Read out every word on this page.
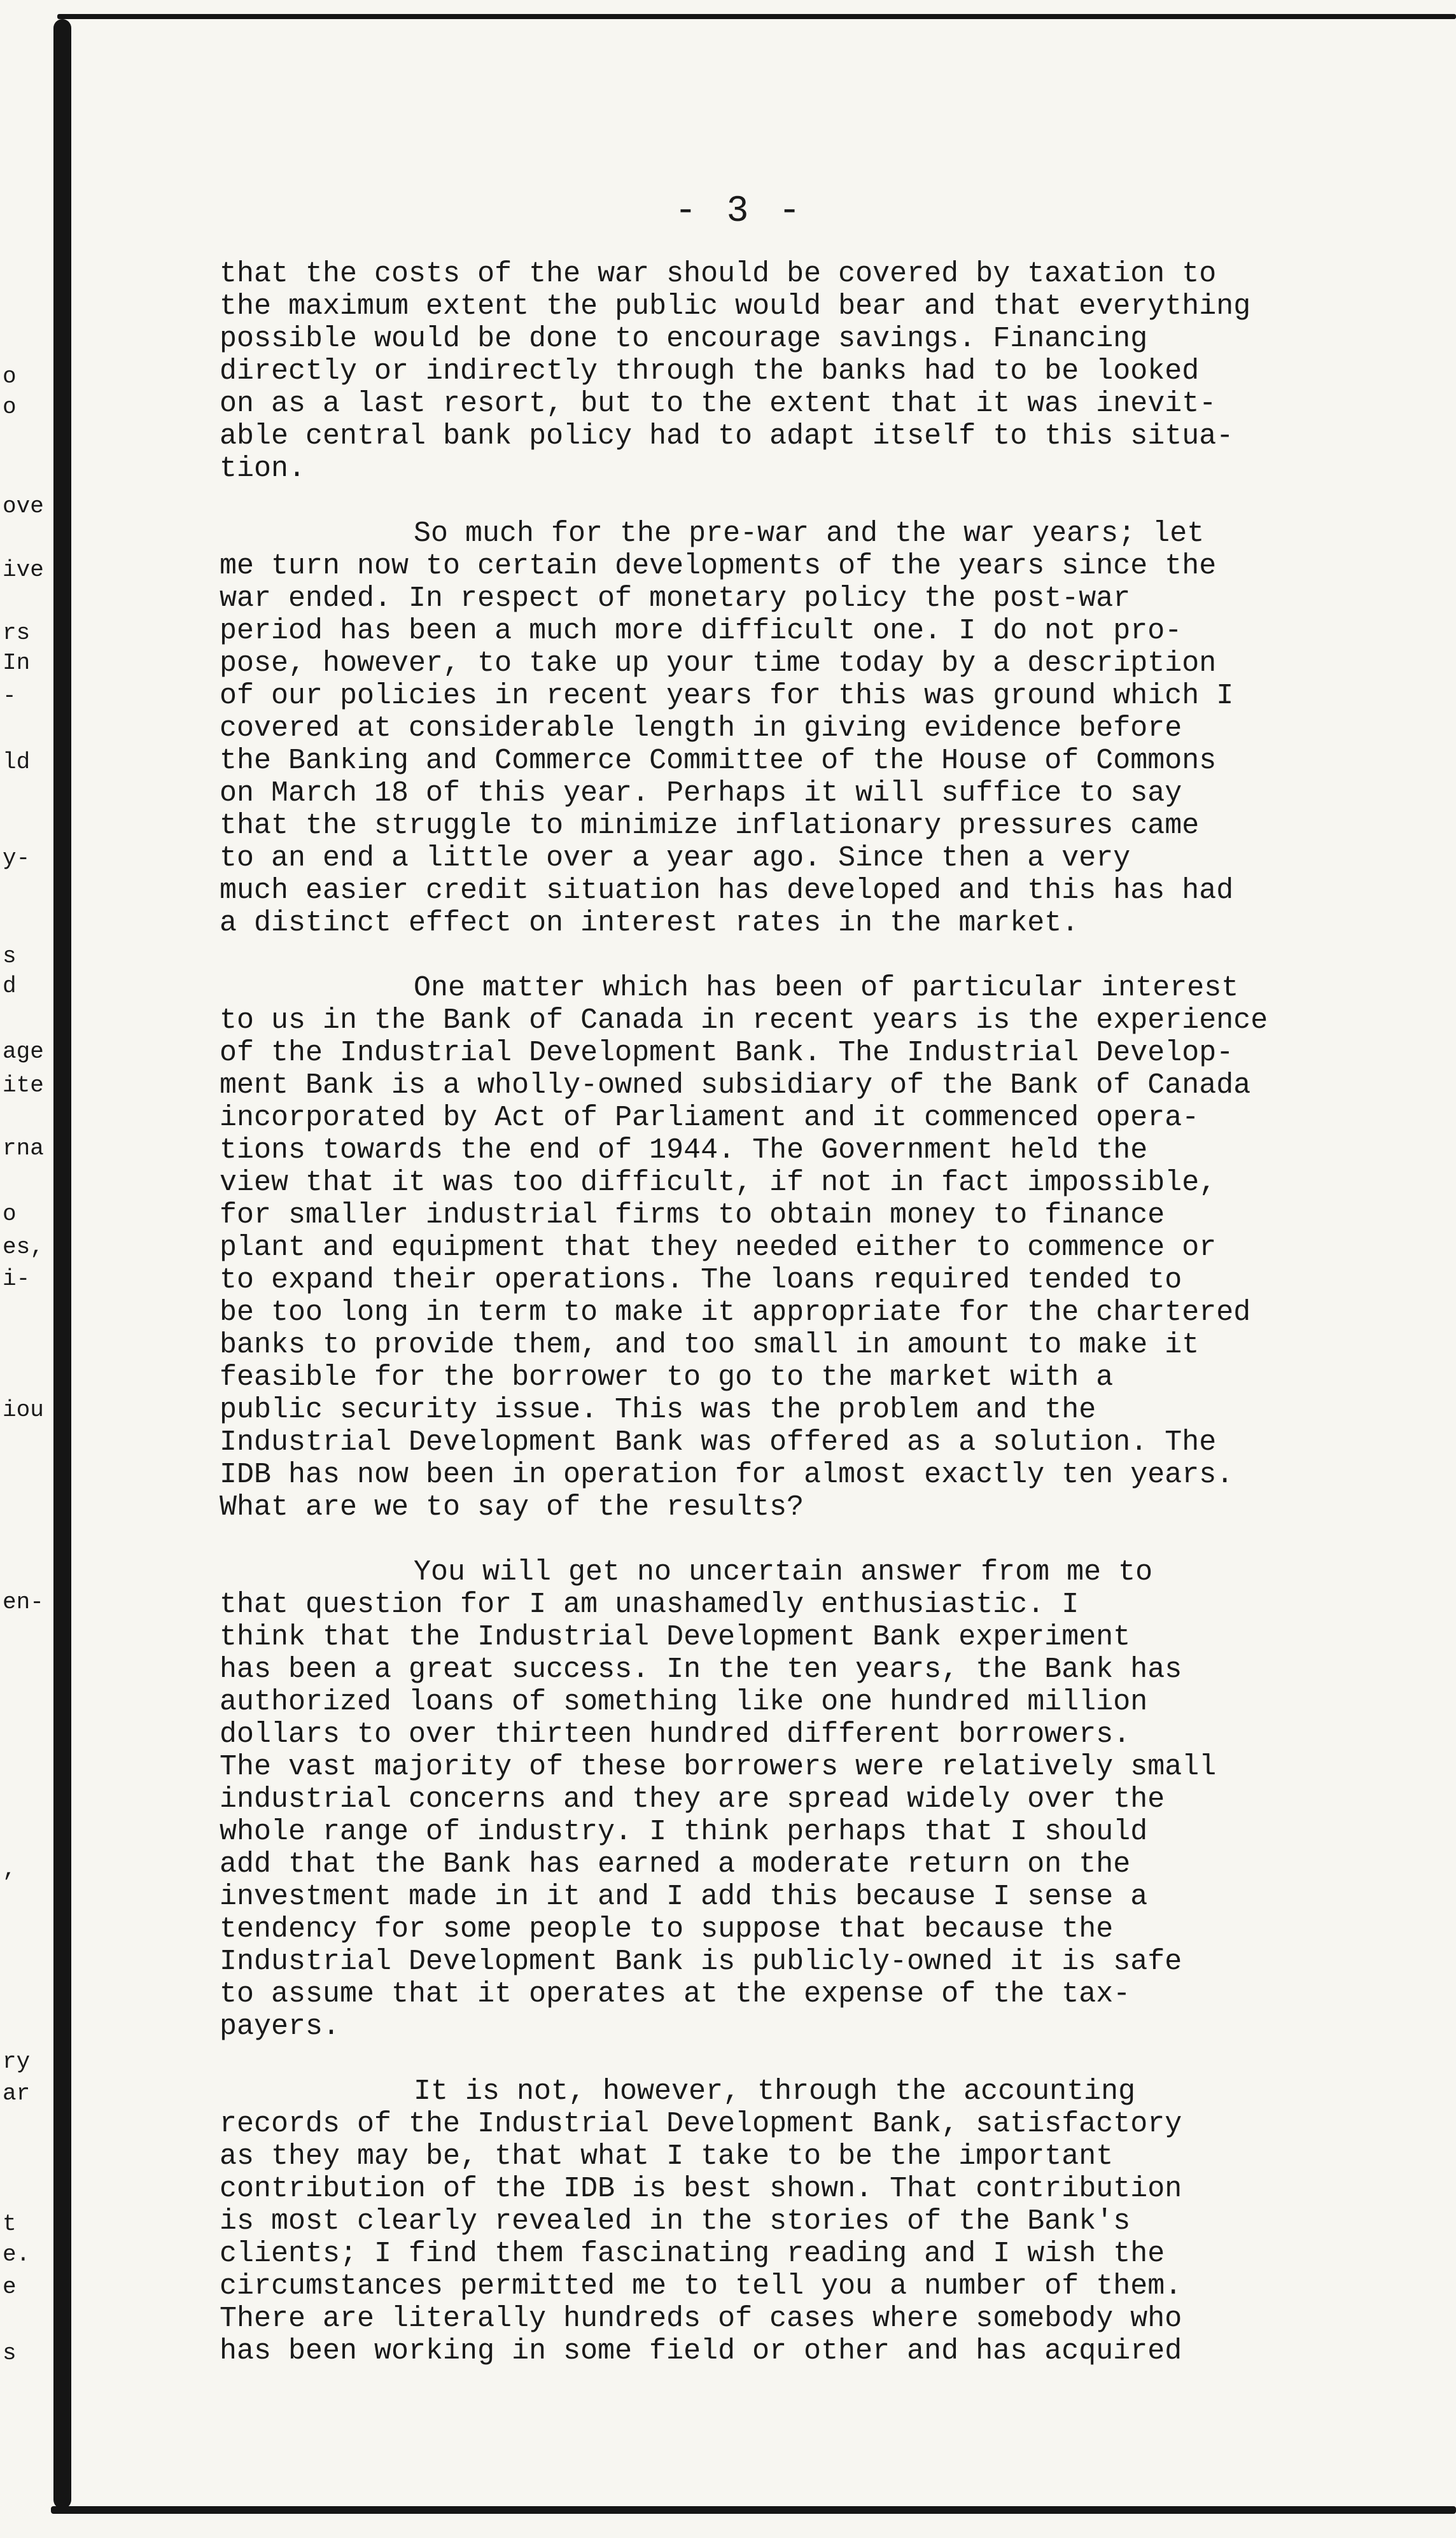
o
o
ove
ive
rs
In
-
ld
y-
s
d
age
ite
rna
o
es,
i-
iou
en-
,
ry
ar
t
e.
e
s
- 3 -
that the costs of the war should be covered by taxation to
the maximum extent the public would bear and that everything
possible would be done to encourage savings. Financing
directly or indirectly through the banks had to be looked
on as a last resort, but to the extent that it was inevit-
able central bank policy had to adapt itself to this situa-
tion.
So much for the pre-war and the war years; let
me turn now to certain developments of the years since the
war ended. In respect of monetary policy the post-war
period has been a much more difficult one. I do not pro-
pose, however, to take up your time today by a description
of our policies in recent years for this was ground which I
covered at considerable length in giving evidence before
the Banking and Commerce Committee of the House of Commons
on March 18 of this year. Perhaps it will suffice to say
that the struggle to minimize inflationary pressures came
to an end a little over a year ago. Since then a very
much easier credit situation has developed and this has had
a distinct effect on interest rates in the market.
One matter which has been of particular interest
to us in the Bank of Canada in recent years is the experience
of the Industrial Development Bank. The Industrial Develop-
ment Bank is a wholly-owned subsidiary of the Bank of Canada
incorporated by Act of Parliament and it commenced opera-
tions towards the end of 1944. The Government held the
view that it was too difficult, if not in fact impossible,
for smaller industrial firms to obtain money to finance
plant and equipment that they needed either to commence or
to expand their operations. The loans required tended to
be too long in term to make it appropriate for the chartered
banks to provide them, and too small in amount to make it
feasible for the borrower to go to the market with a
public security issue. This was the problem and the
Industrial Development Bank was offered as a solution. The
IDB has now been in operation for almost exactly ten years.
What are we to say of the results?
You will get no uncertain answer from me to
that question for I am unashamedly enthusiastic. I
think that the Industrial Development Bank experiment
has been a great success. In the ten years, the Bank has
authorized loans of something like one hundred million
dollars to over thirteen hundred different borrowers.
The vast majority of these borrowers were relatively small
industrial concerns and they are spread widely over the
whole range of industry. I think perhaps that I should
add that the Bank has earned a moderate return on the
investment made in it and I add this because I sense a
tendency for some people to suppose that because the
Industrial Development Bank is publicly-owned it is safe
to assume that it operates at the expense of the tax-
payers.
It is not, however, through the accounting
records of the Industrial Development Bank, satisfactory
as they may be, that what I take to be the important
contribution of the IDB is best shown. That contribution
is most clearly revealed in the stories of the Bank's
clients; I find them fascinating reading and I wish the
circumstances permitted me to tell you a number of them.
There are literally hundreds of cases where somebody who
has been working in some field or other and has acquired
